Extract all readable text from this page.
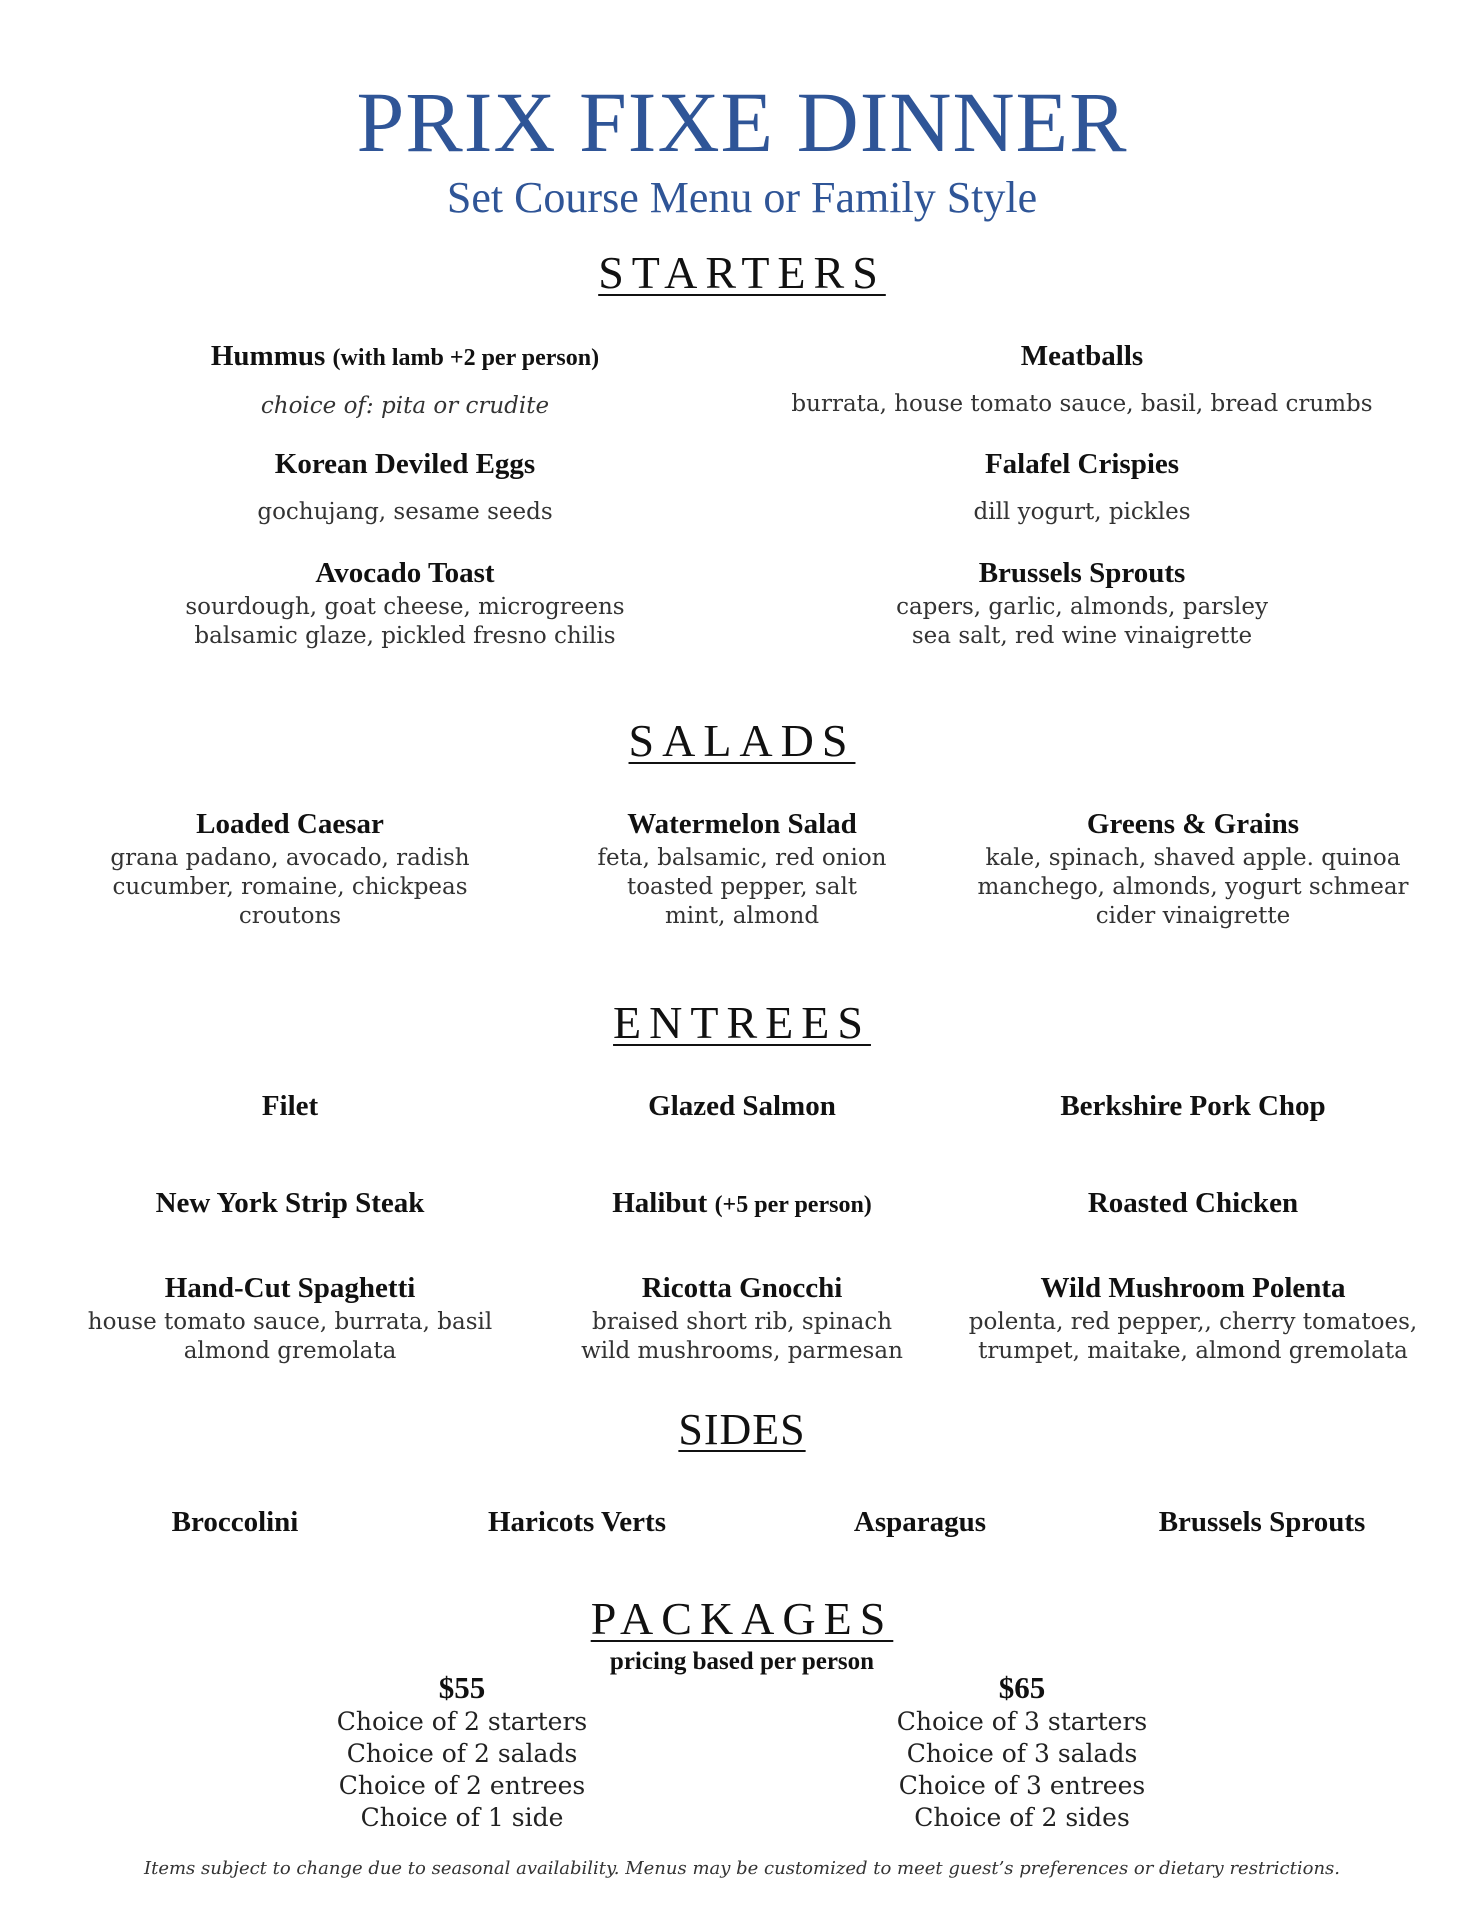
PRIX FIXE DINNER
Set Course Menu or Family Style
STARTERS
Hummus (with lamb +2 per person)
choice of: pita or crudite
Meatballs
burrata, house tomato sauce, basil, bread crumbs
Korean Deviled Eggs
gochujang, sesame seeds
Falafel Crispies
dill yogurt, pickles
Avocado Toast
sourdough, goat cheese, microgreens
balsamic glaze, pickled fresno chilis
Brussels Sprouts
capers, garlic, almonds, parsley
sea salt, red wine vinaigrette
SALADS
Loaded Caesar
grana padano, avocado, radish
cucumber, romaine, chickpeas
croutons
Watermelon Salad
feta, balsamic, red onion
toasted pepper, salt
mint, almond
Greens & Grains
kale, spinach, shaved apple. quinoa
manchego, almonds, yogurt schmear
cider vinaigrette
ENTREES
Filet	Glazed Salmon	Berkshire Pork Chop
New York Strip Steak	Halibut (+5 per person)	Roasted Chicken
Hand-Cut Spaghetti
house tomato sauce, burrata, basil
almond gremolata
Ricotta Gnocchi
braised short rib, spinach
wild mushrooms, parmesan
Wild Mushroom Polenta
polenta, red pepper,, cherry tomatoes,
trumpet, maitake, almond gremolata
SIDES
Broccolini	Haricots Verts	Asparagus	Brussels Sprouts
PACKAGES
pricing based per person
$55
Choice of 2 starters
Choice of 2 salads
Choice of 2 entrees
Choice of 1 side
$65
Choice of 3 starters
Choice of 3 salads
Choice of 3 entrees
Choice of 2 sides
Items subject to change due to seasonal availability. Menus may be customized to meet guest’s preferences or dietary restrictions.
